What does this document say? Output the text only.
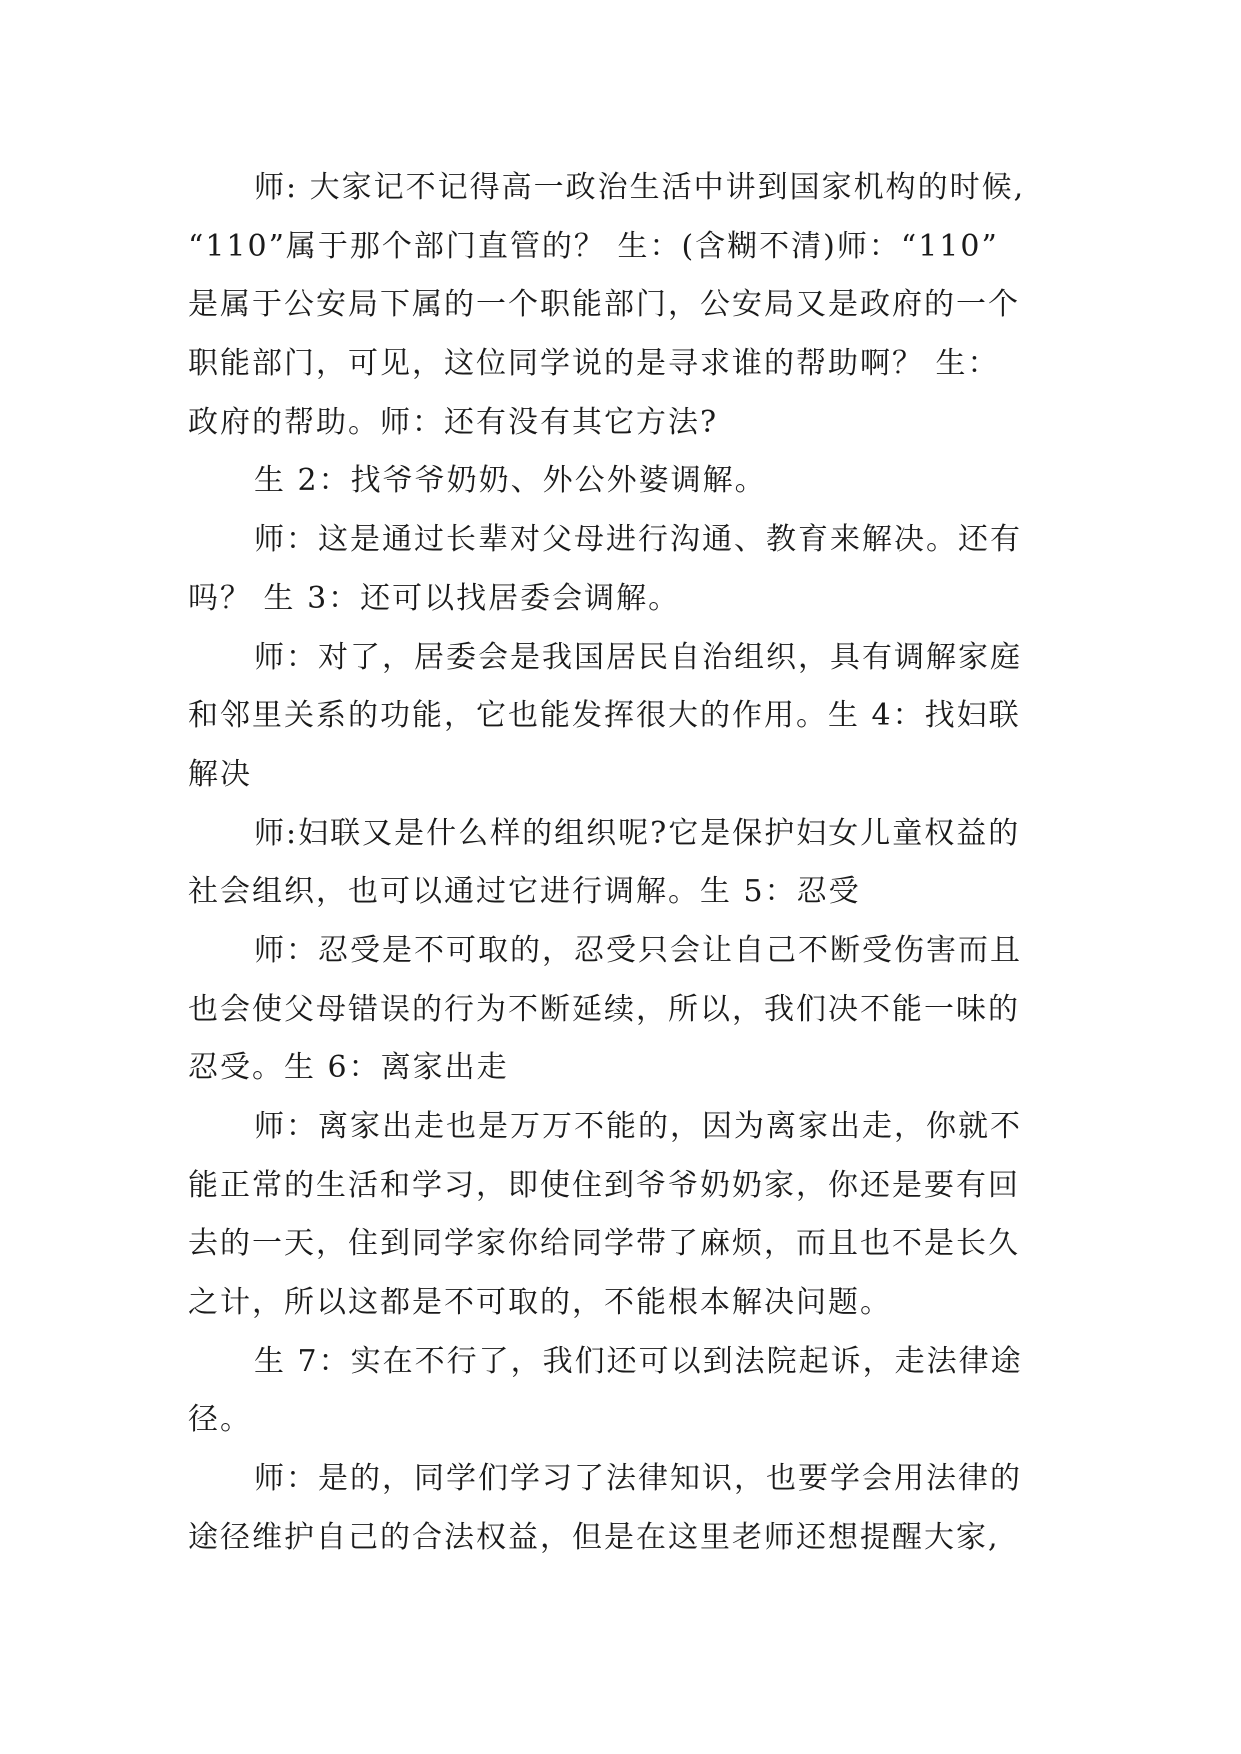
师: 大家记不记得高一政治生活中讲到国家机构的时候,
“110”属于那个部门直管的？ 生：(含糊不清)师：“110”
是属于公安局下属的一个职能部门，公安局又是政府的一个
职能部门，可见，这位同学说的是寻求谁的帮助啊？ 生：
政府的帮助。师：还有没有其它方法?
生 2：找爷爷奶奶、外公外婆调解。
师：这是通过长辈对父母进行沟通、教育来解决。还有
吗？ 生 3：还可以找居委会调解。
师：对了，居委会是我国居民自治组织，具有调解家庭
和邻里关系的功能，它也能发挥很大的作用。生 4：找妇联
解决
师:妇联又是什么样的组织呢?它是保护妇女儿童权益的
社会组织，也可以通过它进行调解。生 5：忍受
师：忍受是不可取的，忍受只会让自己不断受伤害而且
也会使父母错误的行为不断延续，所以，我们决不能一味的
忍受。生 6：离家出走
师：离家出走也是万万不能的，因为离家出走，你就不
能正常的生活和学习，即使住到爷爷奶奶家，你还是要有回
去的一天，住到同学家你给同学带了麻烦，而且也不是长久
之计，所以这都是不可取的，不能根本解决问题。
生 7：实在不行了，我们还可以到法院起诉，走法律途
径。
师：是的，同学们学习了法律知识，也要学会用法律的
途径维护自己的合法权益，但是在这里老师还想提醒大家,
